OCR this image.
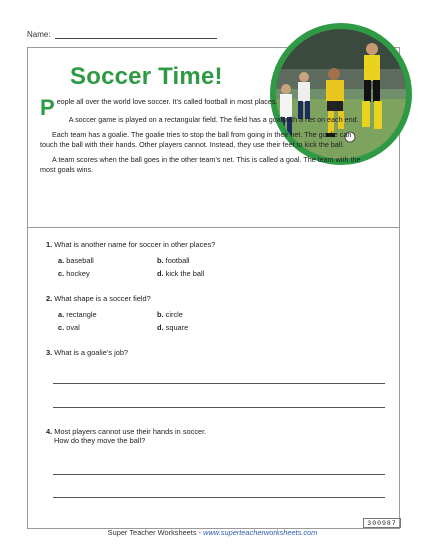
Name:
Soccer Time!

People all over the world love soccer. It’s called football in most places.

A soccer game is played on a rectangular field. The field has a goal with a net on each end.

Each team has a goalie. The goalie tries to stop the ball from going in their net. The goalie can touch the ball with their hands. Other players cannot. Instead, they use their feet to kick the ball.

A team scores when the ball goes in the other team’s net. This is called a goal. The team with the most goals wins.

1. What is another name for soccer in other places?
a. baseball	b. football
c. hockey	d. kick the ball
2. What shape is a soccer field?
a. rectangle	b. circle
c. oval	d. square
3. What is a goalie’s job?
4. Most players cannot use their hands in soccer.
How do they move the ball?
300987
Super Teacher Worksheets - www.superteacherworksheets.com
